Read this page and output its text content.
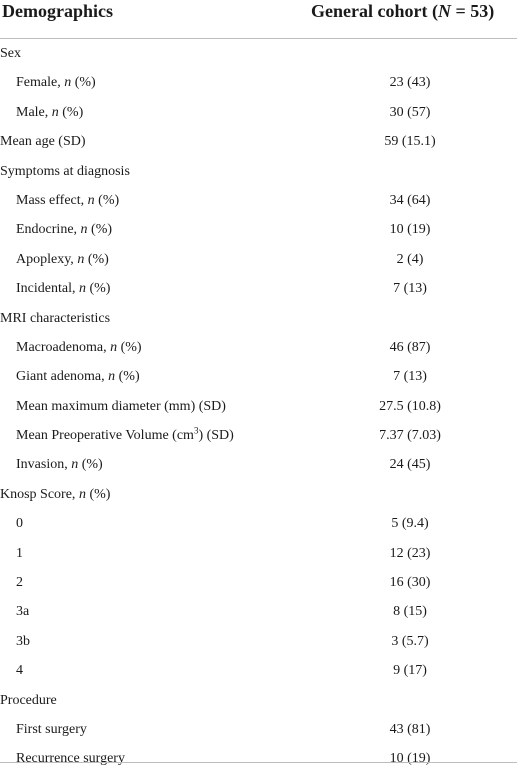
Demographics	General cohort (N = 53)
Sex
Female, n (%)	23 (43)
Male, n (%)	30 (57)
Mean age (SD)	59 (15.1)
Symptoms at diagnosis
Mass effect, n (%)	34 (64)
Endocrine, n (%)	10 (19)
Apoplexy, n (%)	2 (4)
Incidental, n (%)	7 (13)
MRI characteristics
Macroadenoma, n (%)	46 (87)
Giant adenoma, n (%)	7 (13)
Mean maximum diameter (mm) (SD)	27.5 (10.8)
Mean Preoperative Volume $(cm^3)$ (SD)	7.37 (7.03)
Invasion, n (%)	24 (45)
Knosp Score, n (%)
0	5 (9.4)
1	12 (23)
2	16 (30)
3a	8 (15)
3b	3 (5.7)
4	9 (17)
Procedure
First surgery	43 (81)
Recurrence surgery	10 (19)
